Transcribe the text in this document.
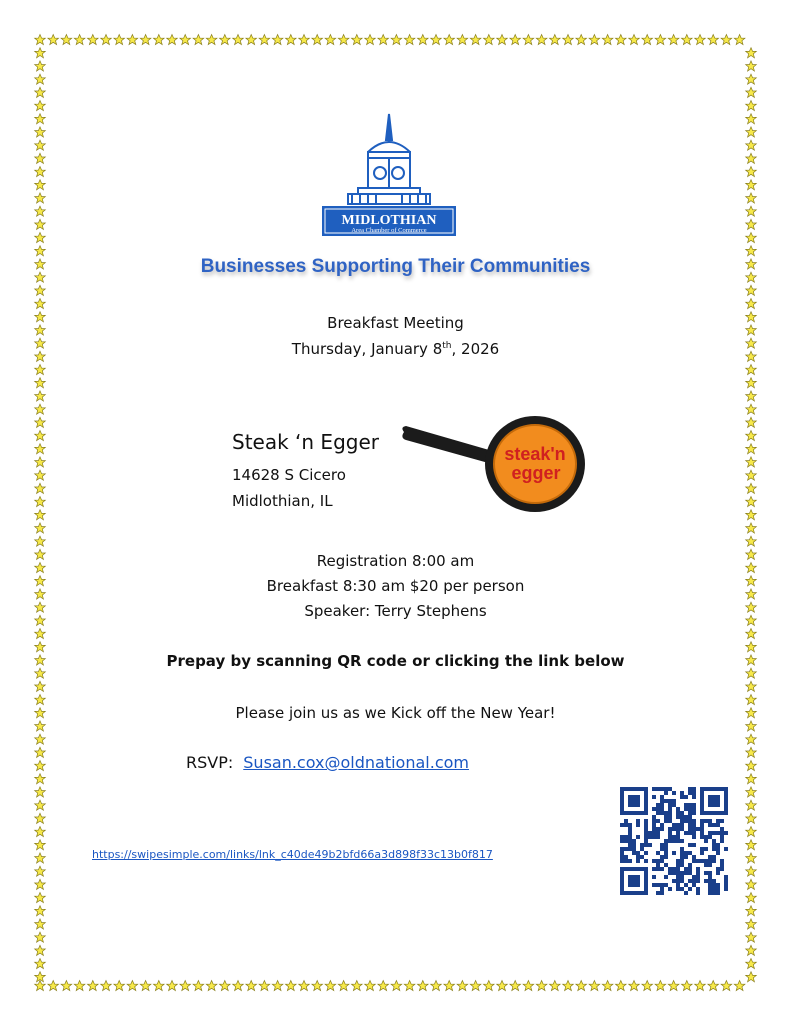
MIDLOTHIAN
Area Chamber of Commerce
Businesses Supporting Their Communities
Breakfast Meeting
Thursday, January 8th, 2026
Steak ‘n Egger
14628 S Cicero
Midlothian, IL
steak'n
egger
Registration 8:00 am
Breakfast 8:30 am $20 per person
Speaker: Terry Stephens
Prepay by scanning QR code or clicking the link below
Please join us as we Kick off the New Year!
RSVP: Susan.cox@oldnational.com
https://swipesimple.com/links/lnk_c40de49b2bfd66a3d898f33c13b0f817
